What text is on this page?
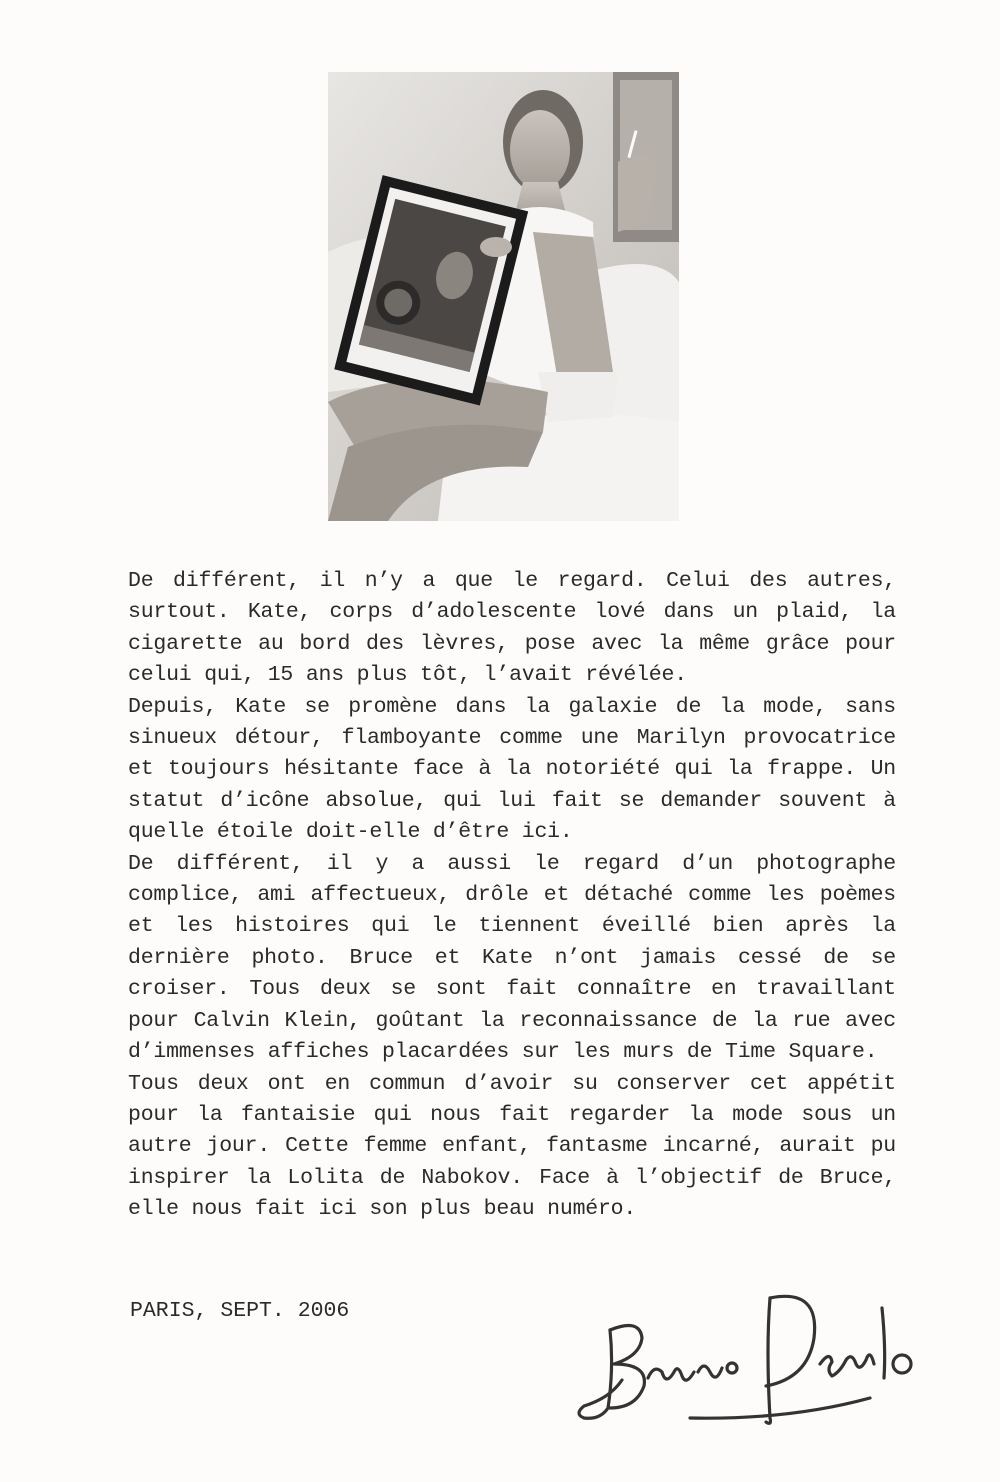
De différent, il n’y a que le regard. Celui des autres, surtout. Kate, corps d’adolescente lové dans un plaid, la cigarette au bord des lèvres, pose avec la même grâce pour celui qui, 15 ans plus tôt, l’avait révélée.

Depuis, Kate se promène dans la galaxie de la mode, sans sinueux détour, flamboyante comme une Marilyn provocatrice et toujours hésitante face à la notoriété qui la frappe. Un statut d’icône absolue, qui lui fait se demander souvent à quelle étoile doit-elle d’être ici.

De différent, il y a aussi le regard d’un photographe complice, ami affectueux, drôle et détaché comme les poèmes et les histoires qui le tiennent éveillé bien après la dernière photo. Bruce et Kate n’ont jamais cessé de se croiser. Tous deux se sont fait connaître en travaillant pour Calvin Klein, goûtant la reconnaissance de la rue avec d’immenses affiches placardées sur les murs de Time Square.

Tous deux ont en commun d’avoir su conserver cet appétit pour la fantaisie qui nous fait regarder la mode sous un autre jour. Cette femme enfant, fantasme incarné, aurait pu inspirer la Lolita de Nabokov. Face à l’objectif de Bruce, elle nous fait ici son plus beau numéro.

PARIS, SEPT. 2006
